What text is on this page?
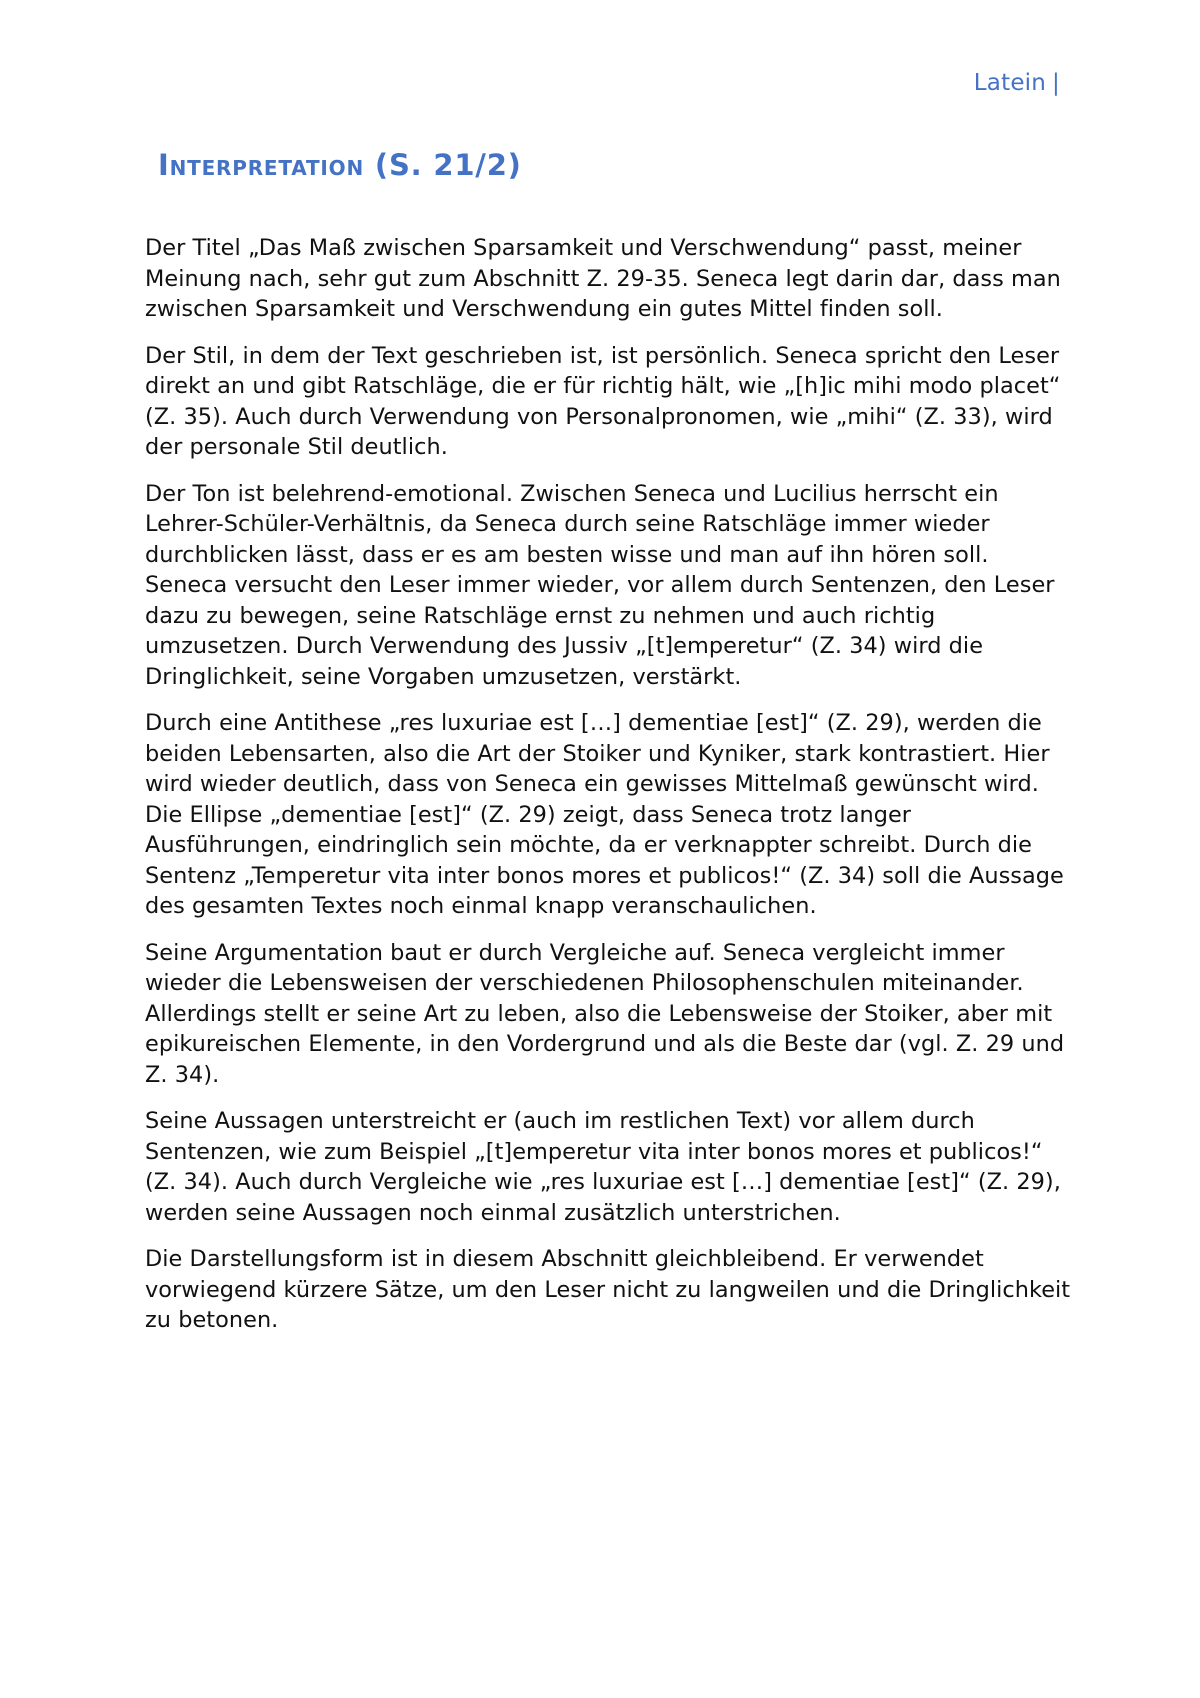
Latein |
Interpretation (S. 21/2)

Der Titel „Das Maß zwischen Sparsamkeit und Verschwendung“ passt, meiner Meinung nach, sehr gut zum Abschnitt Z. 29-35. Seneca legt darin dar, dass man zwischen Sparsamkeit und Verschwendung ein gutes Mittel finden soll.

Der Stil, in dem der Text geschrieben ist, ist persönlich. Seneca spricht den Leser direkt an und gibt Ratschläge, die er für richtig hält, wie „[h]ic mihi modo placet“ (Z. 35). Auch durch Verwendung von Personalpronomen, wie „mihi“ (Z. 33), wird der personale Stil deutlich.

Der Ton ist belehrend-emotional. Zwischen Seneca und Lucilius herrscht ein Lehrer-Schüler-Verhältnis, da Seneca durch seine Ratschläge immer wieder durchblicken lässt, dass er es am besten wisse und man auf ihn hören soll. Seneca versucht den Leser immer wieder, vor allem durch Sentenzen, den Leser dazu zu bewegen, seine Ratschläge ernst zu nehmen und auch richtig umzusetzen. Durch Verwendung des Jussiv „[t]emperetur“ (Z. 34) wird die Dringlichkeit, seine Vorgaben umzusetzen, verstärkt.

Durch eine Antithese „res luxuriae est […] dementiae [est]“ (Z. 29), werden die beiden Lebensarten, also die Art der Stoiker und Kyniker, stark kontrastiert. Hier wird wieder deutlich, dass von Seneca ein gewisses Mittelmaß gewünscht wird. Die Ellipse „dementiae [est]“ (Z. 29) zeigt, dass Seneca trotz langer Ausführungen, eindringlich sein möchte, da er verknappter schreibt. Durch die Sentenz „Temperetur vita inter bonos mores et publicos!“ (Z. 34) soll die Aussage des gesamten Textes noch einmal knapp veranschaulichen.

Seine Argumentation baut er durch Vergleiche auf. Seneca vergleicht immer wieder die Lebensweisen der verschiedenen Philosophenschulen miteinander. Allerdings stellt er seine Art zu leben, also die Lebensweise der Stoiker, aber mit epikureischen Elemente, in den Vordergrund und als die Beste dar (vgl. Z. 29 und Z. 34).

Seine Aussagen unterstreicht er (auch im restlichen Text) vor allem durch Sentenzen, wie zum Beispiel „[t]emperetur vita inter bonos mores et publicos!“ (Z. 34). Auch durch Vergleiche wie „res luxuriae est […] dementiae [est]“ (Z. 29), werden seine Aussagen noch einmal zusätzlich unterstrichen.

Die Darstellungsform ist in diesem Abschnitt gleichbleibend. Er verwendet vorwiegend kürzere Sätze, um den Leser nicht zu langweilen und die Dringlichkeit zu betonen.
